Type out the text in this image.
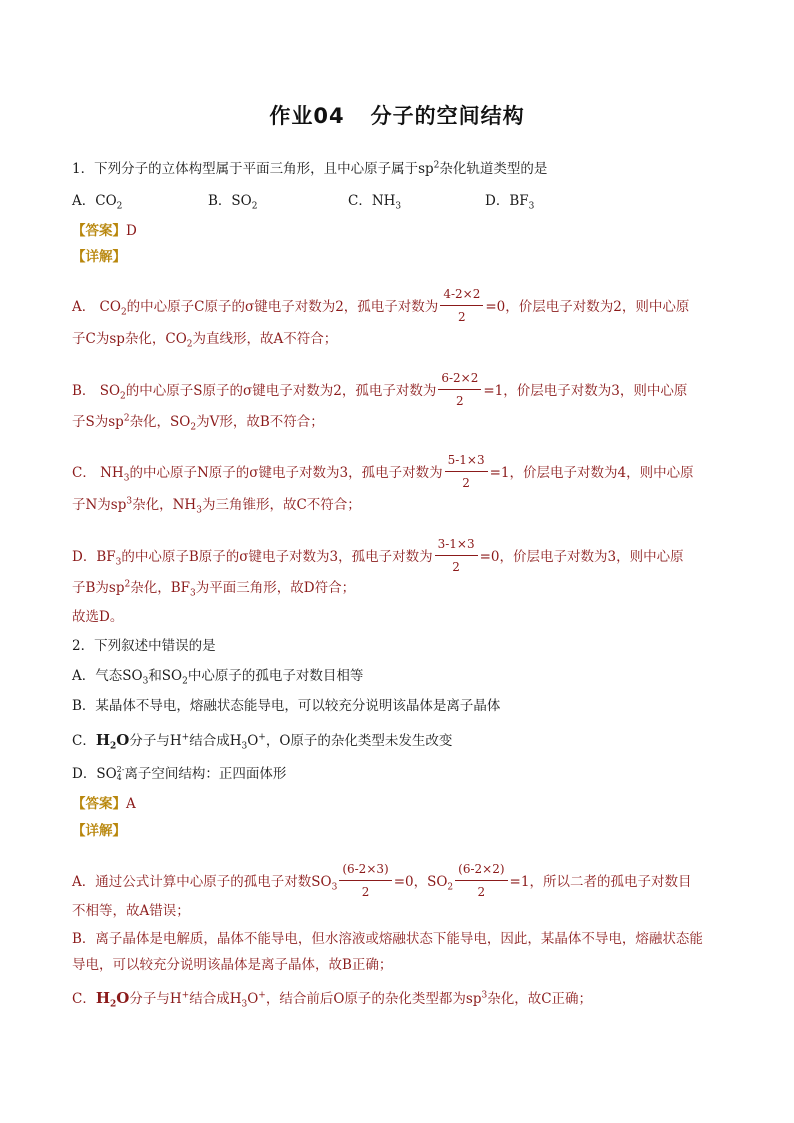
作业04 分子的空间结构
1．下列分子的立体构型属于平面三角形，且中心原子属于$sp^2$杂化轨道类型的是
A．$CO_2$	B．$SO_2$	C．$NH_3$	D．$BF_3$
【答案】D
【详解】
A． $CO_2$的中心原子C原子的σ键电子对数为2，孤电子对数为 $\frac{4-2\times 2}{2} =0$，价层电子对数为2，则中心原
子C为sp杂化，$CO_2$为直线形，故A不符合；
B． $SO_2$的中心原子S原子的σ键电子对数为2，孤电子对数为 $\frac{6-2\times 2}{2} =1$，价层电子对数为3，则中心原
子S为$sp^2$杂化，$SO_2$为V形，故B不符合；
C． $NH_3$的中心原子N原子的σ键电子对数为3，孤电子对数为 $\frac{5-1\times 3}{2} =1$，价层电子对数为4，则中心原
子N为$sp^3$杂化，$NH_3$为三角锥形，故C不符合；
D．$BF_3$的中心原子B原子的σ键电子对数为3，孤电子对数为 $\frac{3-1\times 3}{2} =0$，价层电子对数为3，则中心原
子B为$sp^2$杂化，$BF_3$为平面三角形，故D符合；
故选D。
2．下列叙述中错误的是
A．气态$SO_3$和$SO_2$中心原子的孤电子对数目相等
B．某晶体不导电，熔融状态能导电，可以较充分说明该晶体是离子晶体
C．$H_2O$分子与H+结合成$H_3O^+$，O原子的杂化类型未发生改变
D．SO 2-
4 离子空间结构：正四面体形
【答案】A
【详解】
A．通过公式计算中心原子的孤电子对数$SO_3 \frac{(6-2\times 3)}{2} =0$，$SO_2 \frac{(6-2\times 2)}{2} =1$，所以二者的孤电子对数目
不相等，故A错误；
B．离子晶体是电解质，晶体不能导电，但水溶液或熔融状态下能导电，因此，某晶体不导电，熔融状态能
导电，可以较充分说明该晶体是离子晶体，故B正确；
C．$H_2O$分子与H+结合成$H_3O^+$，结合前后O原子的杂化类型都为$sp^3$杂化，故C正确；
